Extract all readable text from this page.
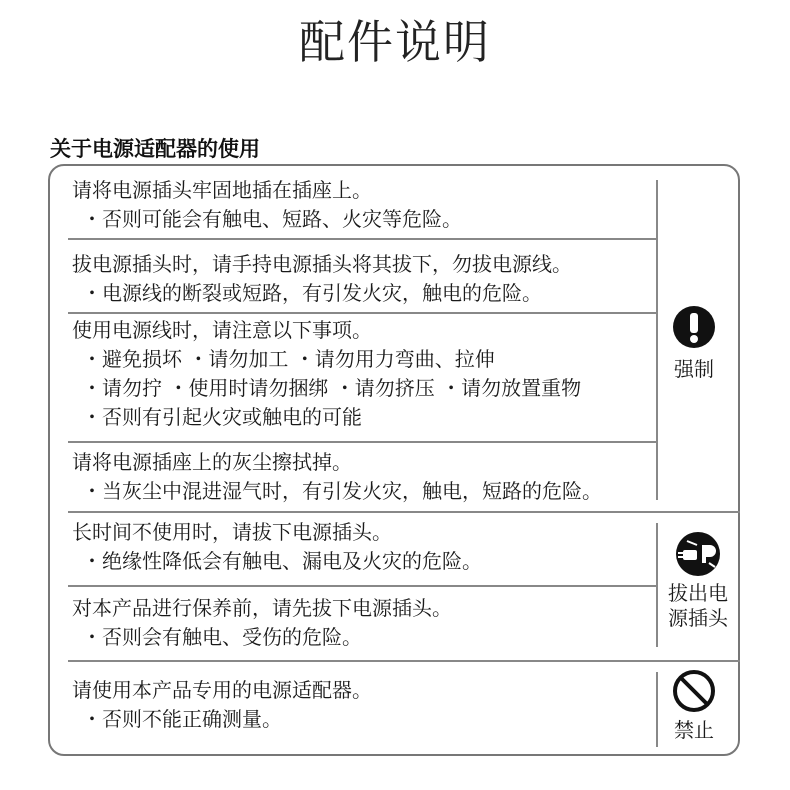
配件说明
关于电源适配器的使用
请将电源插头牢固地插在插座上。
・否则可能会有触电、短路、火灾等危险。
拔电源插头时，请手持电源插头将其拔下，勿拔电源线。
・电源线的断裂或短路，有引发火灾，触电的危险。
使用电源线时，请注意以下事项。
・避免损坏 ・请勿加工 ・请勿用力弯曲、拉伸
・请勿拧 ・使用时请勿捆绑 ・请勿挤压 ・请勿放置重物
・否则有引起火灾或触电的可能
请将电源插座上的灰尘擦拭掉。
・当灰尘中混进湿气时，有引发火灾，触电，短路的危险。
长时间不使用时，请拔下电源插头。
・绝缘性降低会有触电、漏电及火灾的危险。
对本产品进行保养前，请先拔下电源插头。
・否则会有触电、受伤的危险。
请使用本产品专用的电源适配器。
・否则不能正确测量。
强制
拔出电
源插头
禁止
